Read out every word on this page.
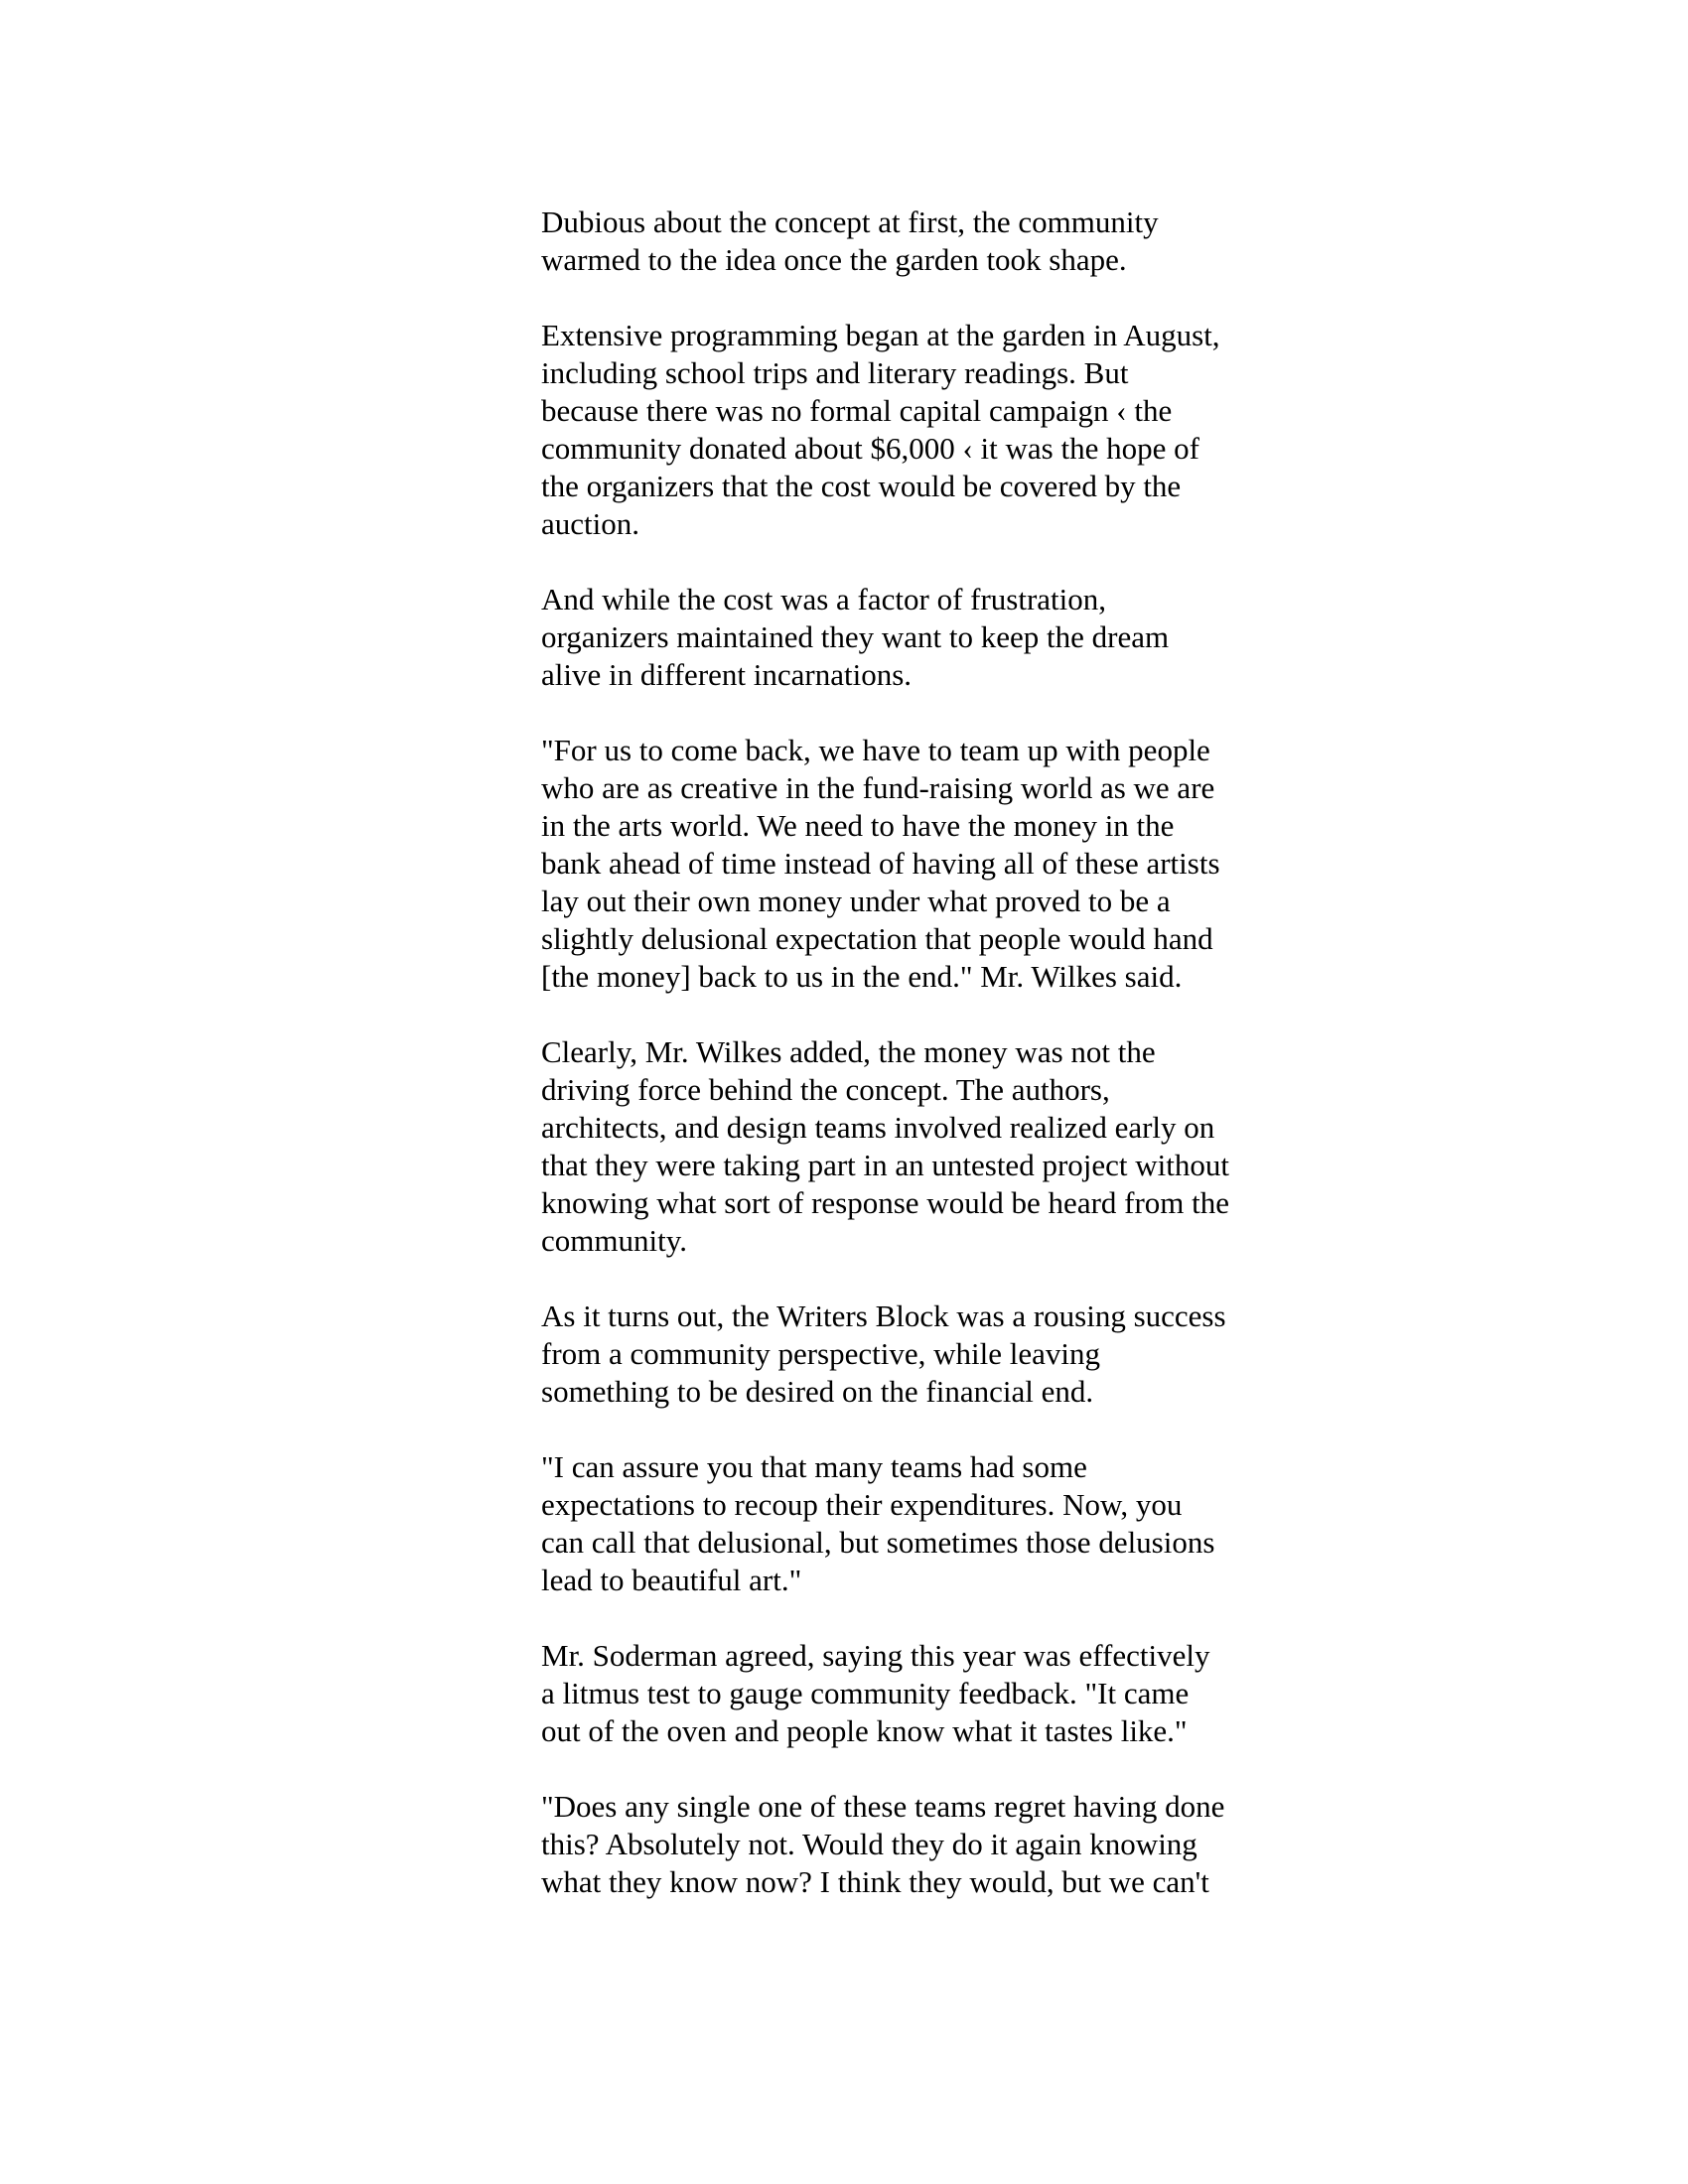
Dubious about the concept at first, the community
warmed to the idea once the garden took shape.

Extensive programming began at the garden in August,
including school trips and literary readings. But
because there was no formal capital campaign ‹ the
community donated about $6,000 ‹ it was the hope of
the organizers that the cost would be covered by the
auction.

And while the cost was a factor of frustration,
organizers maintained they want to keep the dream
alive in different incarnations.

"For us to come back, we have to team up with people
who are as creative in the fund-raising world as we are
in the arts world. We need to have the money in the
bank ahead of time instead of having all of these artists
lay out their own money under what proved to be a
slightly delusional expectation that people would hand
[the money] back to us in the end." Mr. Wilkes said.

Clearly, Mr. Wilkes added, the money was not the
driving force behind the concept. The authors,
architects, and design teams involved realized early on
that they were taking part in an untested project without
knowing what sort of response would be heard from the
community.

As it turns out, the Writers Block was a rousing success
from a community perspective, while leaving
something to be desired on the financial end.

"I can assure you that many teams had some
expectations to recoup their expenditures. Now, you
can call that delusional, but sometimes those delusions
lead to beautiful art."

Mr. Soderman agreed, saying this year was effectively
a litmus test to gauge community feedback. "It came
out of the oven and people know what it tastes like."

"Does any single one of these teams regret having done
this? Absolutely not. Would they do it again knowing
what they know now? I think they would, but we can't
